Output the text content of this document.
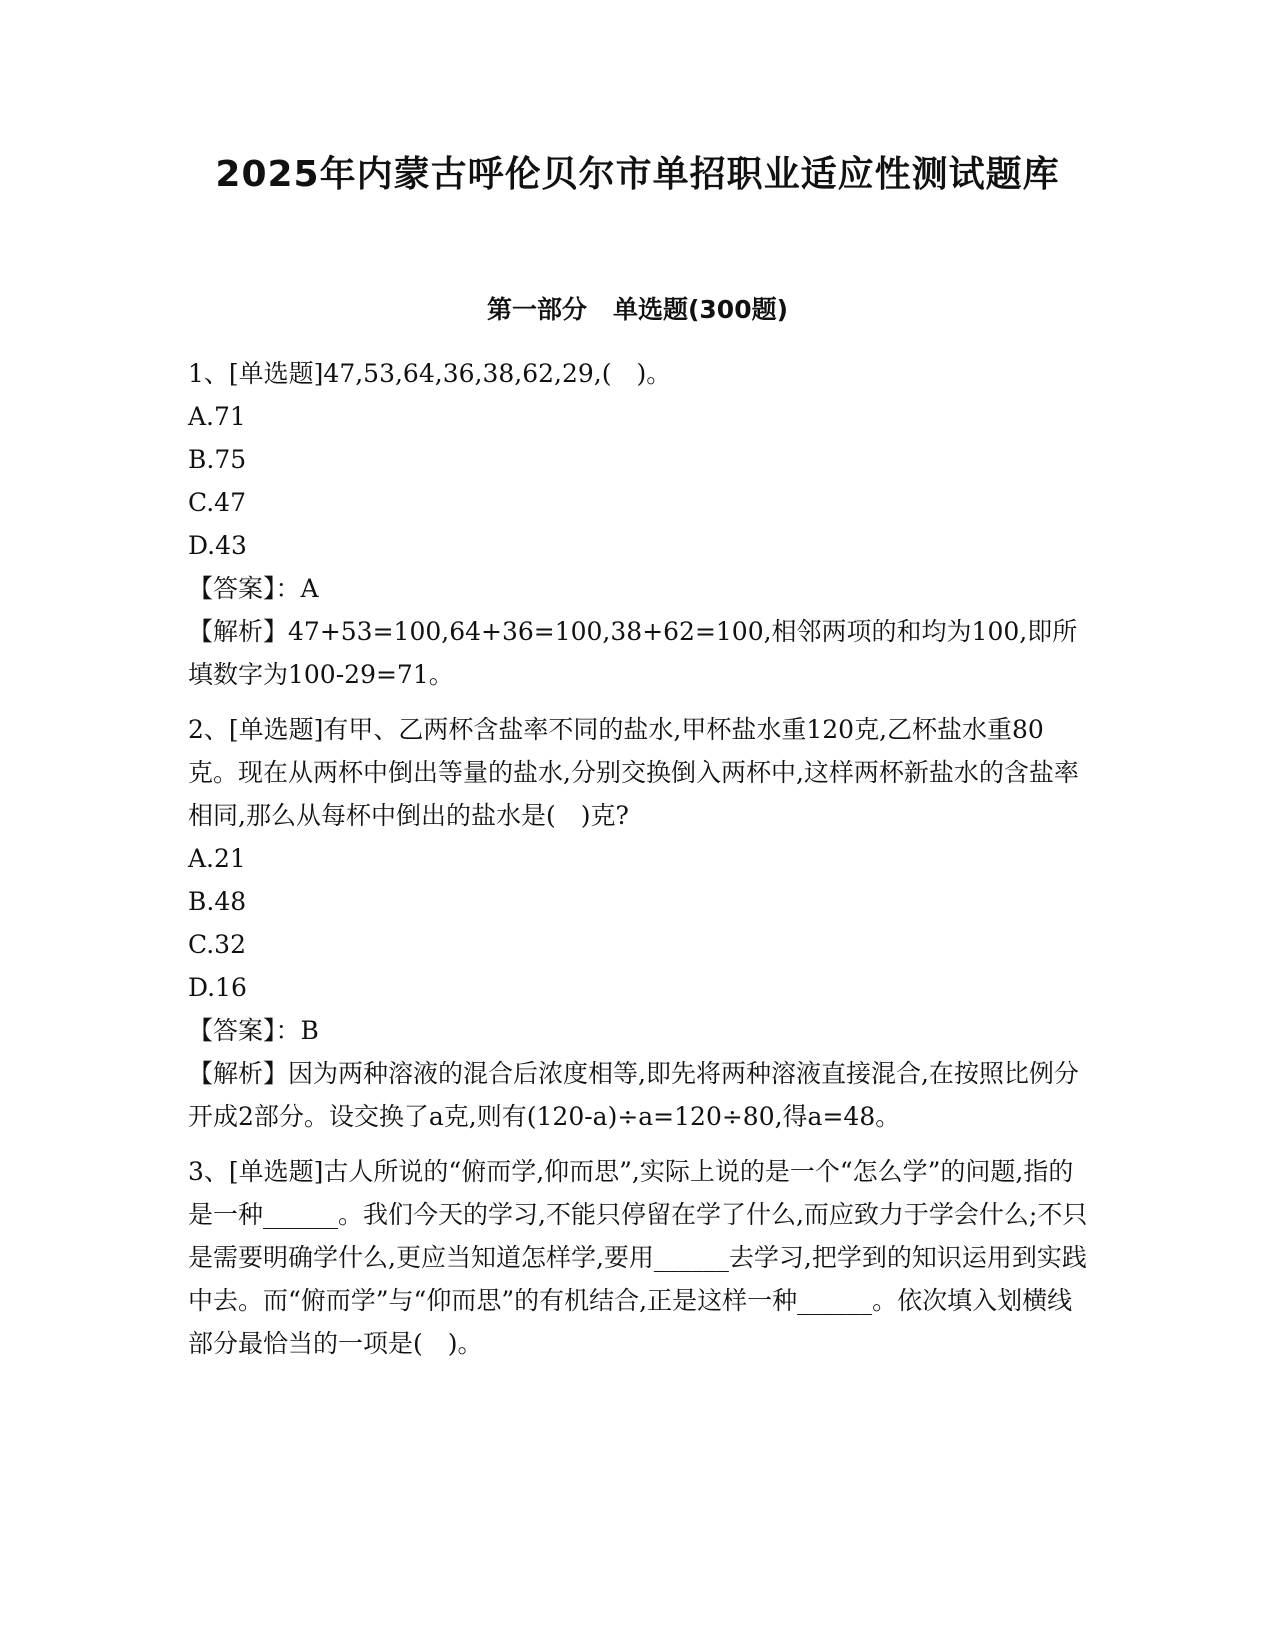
2025年内蒙古呼伦贝尔市单招职业适应性测试题库
第一部分 单选题(300题)
1、[单选题]47,53,64,36,38,62,29,(　)。
A.71
B.75
C.47
D.43
【答案】：A
【解析】47+53=100,64+36=100,38+62=100,相邻两项的和均为100,即所填数字为100-29=71。
2、[单选题]有甲、乙两杯含盐率不同的盐水,甲杯盐水重120克,乙杯盐水重80克。现在从两杯中倒出等量的盐水,分别交换倒入两杯中,这样两杯新盐水的含盐率相同,那么从每杯中倒出的盐水是(　)克?
A.21
B.48
C.32
D.16
【答案】：B
【解析】因为两种溶液的混合后浓度相等,即先将两种溶液直接混合,在按照比例分开成2部分。设交换了a克,则有(120-a)÷a=120÷80,得a=48。
3、[单选题]古人所说的“俯而学,仰而思”,实际上说的是一个“怎么学”的问题,指的是一种______。我们今天的学习,不能只停留在学了什么,而应致力于学会什么;不只是需要明确学什么,更应当知道怎样学,要用______去学习,把学到的知识运用到实践中去。而“俯而学”与“仰而思”的有机结合,正是这样一种______。依次填入划横线部分最恰当的一项是(　)。
